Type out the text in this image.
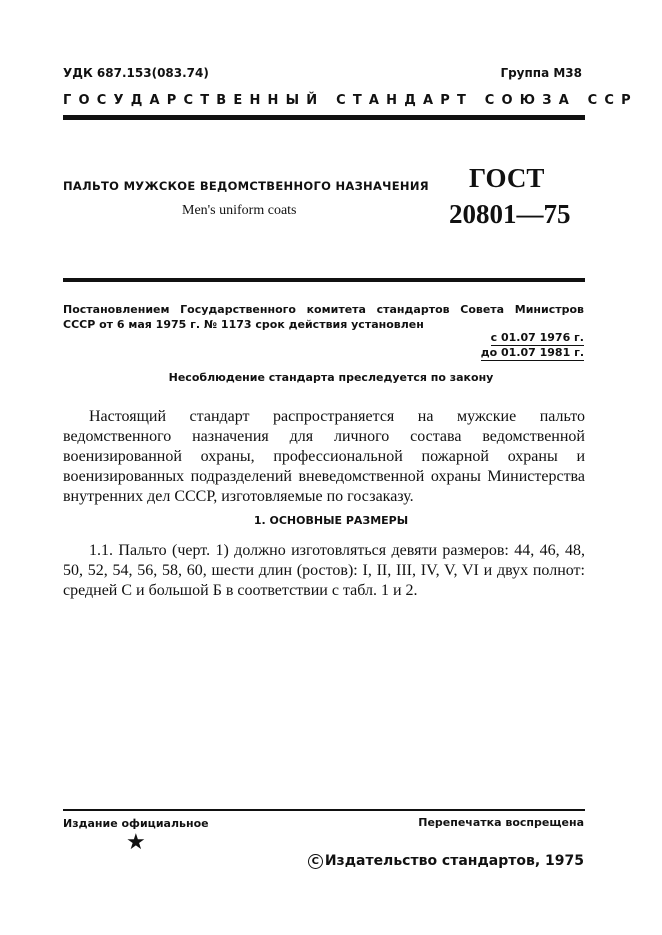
УДК 687.153(083.74)	Группа М38
ГОСУДАРСТВЕННЫЙ СТАНДАРТ СОЮЗА ССР
ПАЛЬТО МУЖСКОЕ ВЕДОМСТВЕННОГО НАЗНАЧЕНИЯ
Men's uniform coats
ГОСТ
20801—75
Постановлением Государственного комитета стандартов Совета Министров
СССР от 6 мая 1975 г. № 1173 срок действия установлен
с 01.07 1976 г.
до 01.07 1981 г.
Несоблюдение стандарта преследуется по закону
Настоящий стандарт распространяется на мужские пальто
ведомственного назначения для личного состава ведомственной военизированной охраны, профессиональной пожарной охраны и военизированных подразделений вневедомственной охраны Министерства внутренних дел СССР, изготовляемые по госзаказу.
1. ОСНОВНЫЕ РАЗМЕРЫ
1.1. Пальто (черт. 1) должно изготовляться девяти размеров: 44, 46, 48, 50, 52, 54, 56, 58, 60, шести длин (ростов): I, II, III, IV, V, VI и двух полнот: средней С и большой Б в соответствии с табл. 1 и 2.
Издание официальное	Перепечатка воспрещена
★
С Издательство стандартов, 1975
